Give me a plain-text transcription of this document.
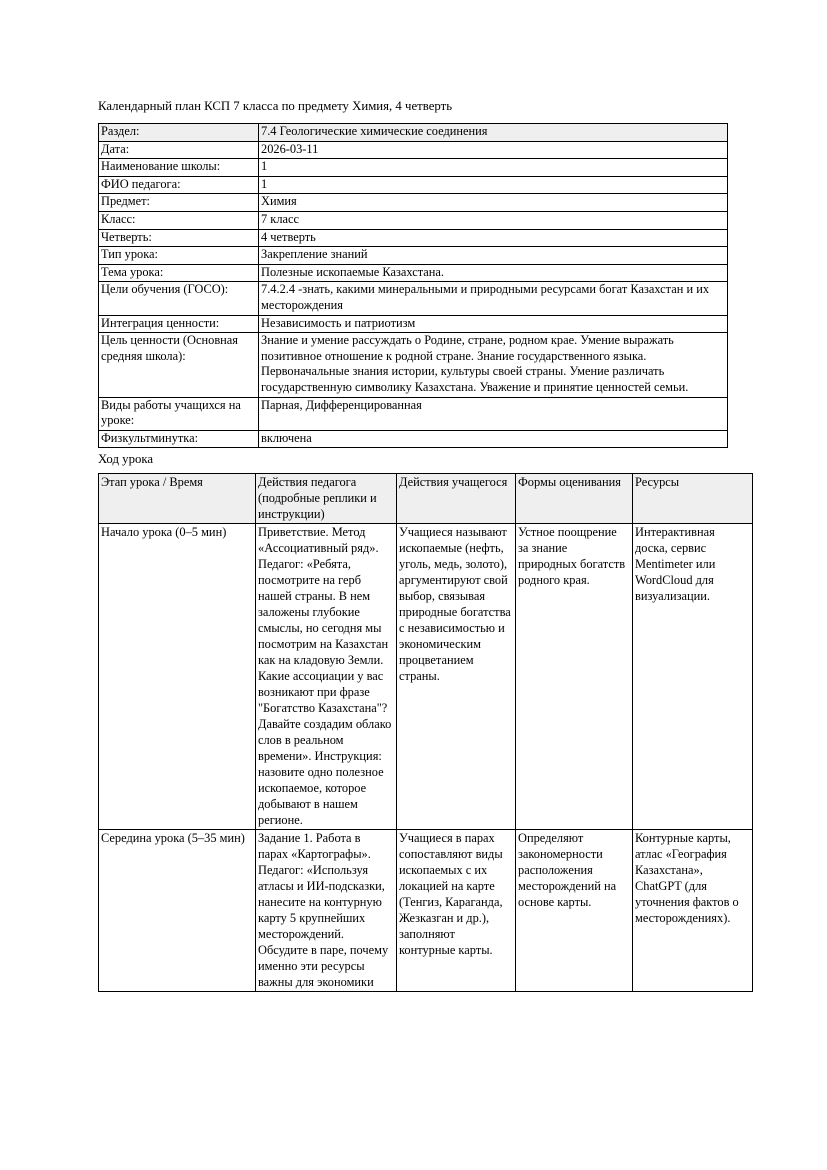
Календарный план КСП 7 класса по предмету Химия, 4 четверть

Раздел:	7.4 Геологические химические соединения
Дата:	2026-03-11
Наименование школы:	1
ФИО педагога:	1
Предмет:	Химия
Класс:	7 класс
Четверть:	4 четверть
Тип урока:	Закрепление знаний
Тема урока:	Полезные ископаемые Казахстана.
Цели обучения (ГОСО):	7.4.2.4 -знать, какими минеральными и природными ресурсами богат Казахстан и их месторождения
Интеграция ценности:	Независимость и патриотизм
Цель ценности (Основная средняя школа):	Знание и умение рассуждать о Родине, стране, родном крае. Умение выражать позитивное отношение к родной стране. Знание государственного языка. Первоначальные знания истории, культуры своей страны. Умение различать государственную символику Казахстана. Уважение и принятие ценностей семьи.
Виды работы учащихся на уроке:	Парная, Дифференцированная
Физкультминутка:	включена

Ход урока

Этап урока / Время	Действия педагога (подробные реплики и инструкции)	Действия учащегося	Формы оценивания	Ресурсы
Начало урока (0–5 мин)	Приветствие. Метод «Ассоциативный ряд». Педагог: «Ребята, посмотрите на герб нашей страны. В нем заложены глубокие смыслы, но сегодня мы посмотрим на Казахстан как на кладовую Земли. Какие ассоциации у вас возникают при фразе "Богатство Казахстана"? Давайте создадим облако слов в реальном времени». Инструкция: назовите одно полезное ископаемое, которое добывают в нашем регионе.	Учащиеся называют ископаемые (нефть, уголь, медь, золото), аргументируют свой выбор, связывая природные богатства с независимостью и экономическим процветанием страны.	Устное поощрение за знание природных богатств родного края.	Интерактивная доска, сервис Mentimeter или WordCloud для визуализации.
Середина урока (5–35 мин)	Задание 1. Работа в парах «Картографы». Педагог: «Используя атласы и ИИ-подсказки, нанесите на контурную карту 5 крупнейших месторождений. Обсудите в паре, почему именно эти ресурсы важны для экономики	Учащиеся в парах сопоставляют виды ископаемых с их локацией на карте (Тенгиз, Караганда, Жезказган и др.), заполняют контурные карты.	Определяют закономерности расположения месторождений на основе карты.	Контурные карты, атлас «География Казахстана», ChatGPT (для уточнения фактов о месторождениях).
